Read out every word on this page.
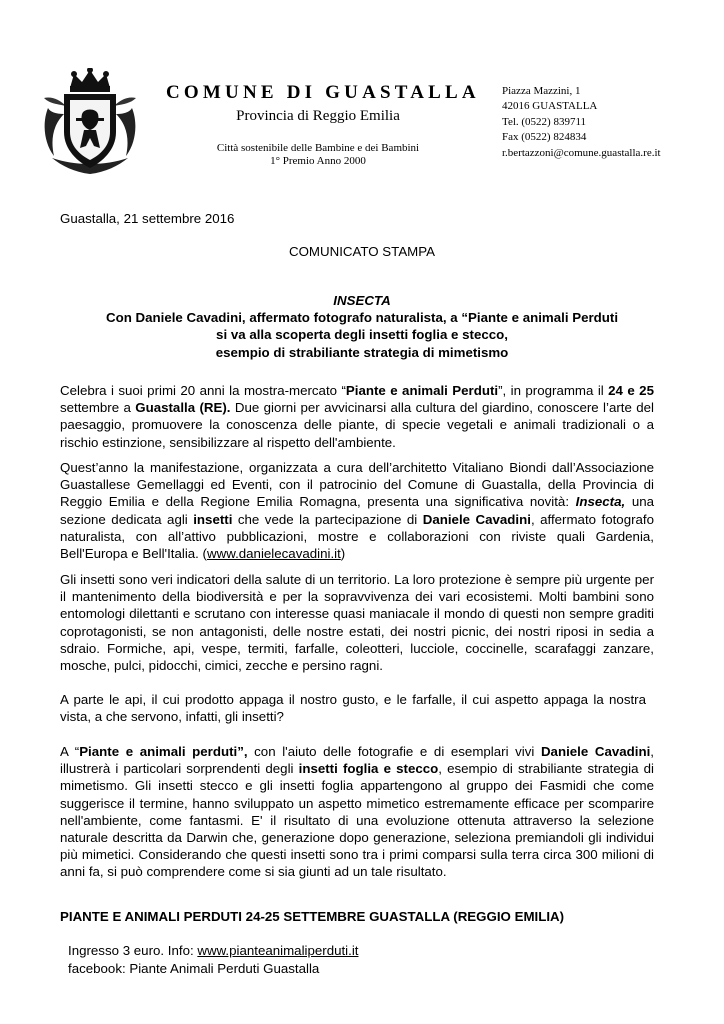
COMUNE DI GUASTALLA
Provincia di Reggio Emilia
Città sostenibile delle Bambine e dei Bambini
1° Premio Anno 2000
Piazza Mazzini, 1
42016 GUASTALLA
Tel. (0522) 839711
Fax (0522) 824834
r.bertazzoni@comune.guastalla.re.it
Guastalla, 21 settembre 2016
COMUNICATO STAMPA
INSECTA
Con Daniele Cavadini, affermato fotografo naturalista, a “Piante e animali Perduti
si va alla scoperta degli insetti foglia e stecco,
esempio di strabiliante strategia di mimetismo

Celebra i suoi primi 20 anni la mostra-mercato “Piante e animali Perduti”, in programma il 24 e 25 settembre a Guastalla (RE). Due giorni per avvicinarsi alla cultura del giardino, conoscere l’arte del paesaggio, promuovere la conoscenza delle piante, di specie vegetali e animali tradizionali o a rischio estinzione, sensibilizzare al rispetto dell'ambiente.

Quest’anno la manifestazione, organizzata a cura dell’architetto Vitaliano Biondi dall’Associazione Guastallese Gemellaggi ed Eventi, con il patrocinio del Comune di Guastalla, della Provincia di Reggio Emilia e della Regione Emilia Romagna, presenta una significativa novità: Insecta, una sezione dedicata agli insetti che vede la partecipazione di Daniele Cavadini, affermato fotografo naturalista, con all’attivo pubblicazioni, mostre e collaborazioni con riviste quali Gardenia, Bell'Europa e Bell'Italia. (www.danielecavadini.it)

Gli insetti sono veri indicatori della salute di un territorio. La loro protezione è sempre più urgente per il mantenimento della biodiversità e per la sopravvivenza dei vari ecosistemi. Molti bambini sono entomologi dilettanti e scrutano con interesse quasi maniacale il mondo di questi non sempre graditi coprotagonisti, se non antagonisti, delle nostre estati, dei nostri picnic, dei nostri riposi in sedia a sdraio. Formiche, api, vespe, termiti, farfalle, coleotteri, lucciole, coccinelle, scarafaggi zanzare, mosche, pulci, pidocchi, cimici, zecche e persino ragni.

A parte le api, il cui prodotto appaga il nostro gusto, e le farfalle, il cui aspetto appaga la nostra vista, a che servono, infatti, gli insetti?

A “Piante e animali perduti”, con l'aiuto delle fotografie e di esemplari vivi Daniele Cavadini, illustrerà i particolari sorprendenti degli insetti foglia e stecco, esempio di strabiliante strategia di mimetismo. Gli insetti stecco e gli insetti foglia appartengono al gruppo dei Fasmidi che come suggerisce il termine, hanno sviluppato un aspetto mimetico estremamente efficace per scomparire nell'ambiente, come fantasmi. E' il risultato di una evoluzione ottenuta attraverso la selezione naturale descritta da Darwin che, generazione dopo generazione, seleziona premiandoli gli individui più mimetici. Considerando che questi insetti sono tra i primi comparsi sulla terra circa 300 milioni di anni fa, si può comprendere come si sia giunti ad un tale risultato.

PIANTE E ANIMALI PERDUTI 24-25 SETTEMBRE GUASTALLA (REGGIO EMILIA)
Ingresso 3 euro. Info: www.pianteanimaliperduti.it
facebook: Piante Animali Perduti Guastalla
